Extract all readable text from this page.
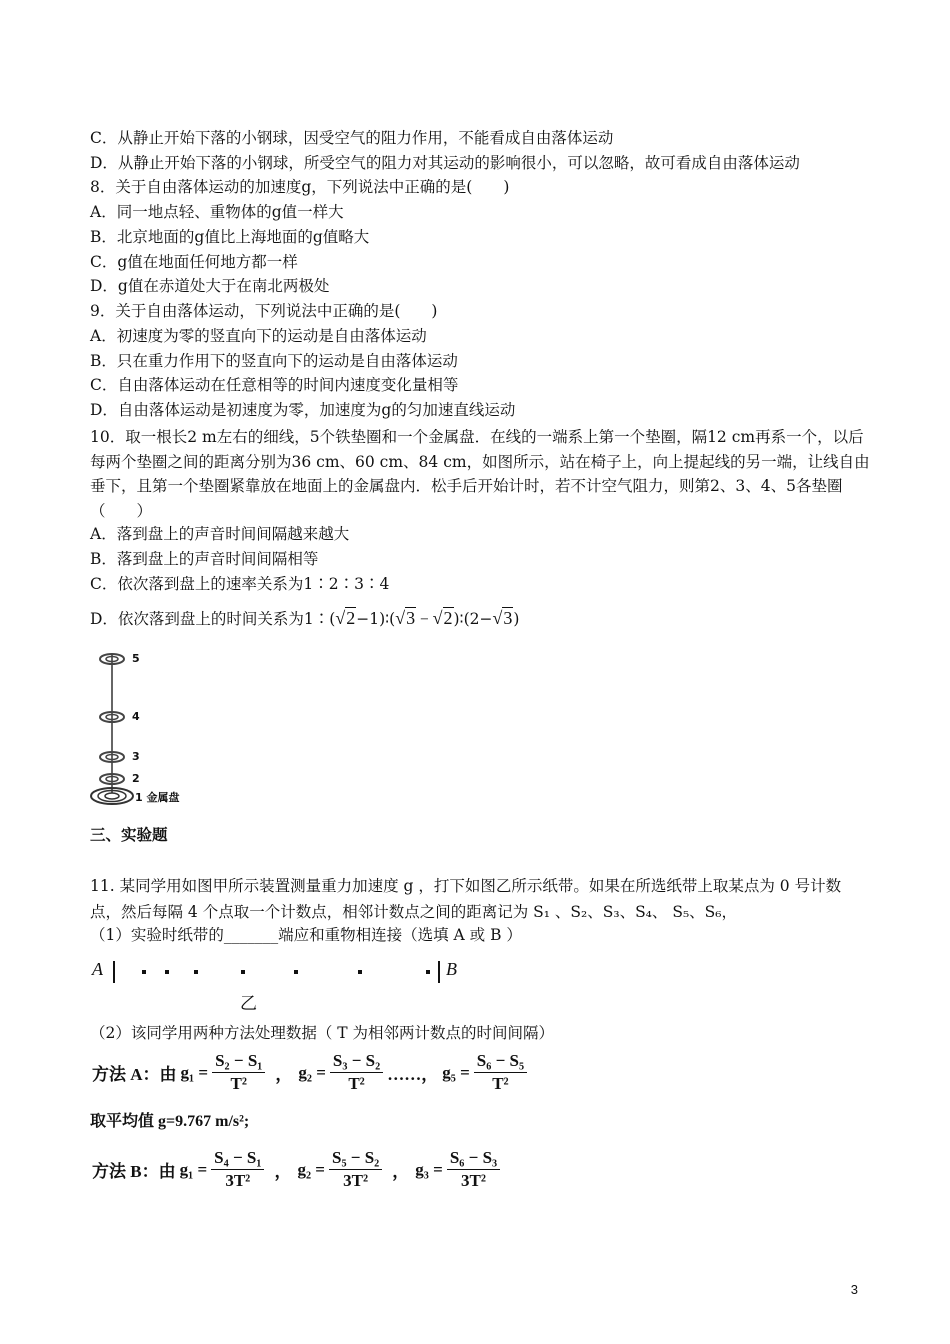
C．从静止开始下落的小钢球，因受空气的阻力作用，不能看成自由落体运动
D．从静止开始下落的小钢球，所受空气的阻力对其运动的影响很小，可以忽略，故可看成自由落体运动
8．关于自由落体运动的加速度g，下列说法中正确的是(　　)
A．同一地点轻、重物体的g值一样大
B．北京地面的g值比上海地面的g值略大
C．g值在地面任何地方都一样
D．g值在赤道处大于在南北两极处
9．关于自由落体运动，下列说法中正确的是(　　)
A．初速度为零的竖直向下的运动是自由落体运动
B．只在重力作用下的竖直向下的运动是自由落体运动
C．自由落体运动在任意相等的时间内速度变化量相等
D．自由落体运动是初速度为零，加速度为g的匀加速直线运动
10．取一根长2 m左右的细线，5个铁垫圈和一个金属盘．在线的一端系上第一个垫圈，隔12 cm再系一个，以后每两个垫圈之间的距离分别为36 cm、60 cm、84 cm，如图所示，站在椅子上，向上提起线的另一端，让线自由垂下，且第一个垫圈紧靠放在地面上的金属盘内．松手后开始计时，若不计空气阻力，则第2、3、4、5各垫圈（　　）
A．落到盘上的声音时间间隔越来越大
B．落到盘上的声音时间间隔相等
C．依次落到盘上的速率关系为1∶2∶3∶4
D．依次落到盘上的时间关系为1∶(√2−1)∶(√3 − √2)∶(2−√3)
5
4
3
2
1 金属盘
三、实验题
11. 某同学用如图甲所示装置测量重力加速度 g ，打下如图乙所示纸带。如果在所选纸带上取某点为 0 号计数点，然后每隔 4 个点取一个计数点，相邻计数点之间的距离记为 S₁ 、S₂、S₃、S₄、 S₅、S₆，
（1）实验时纸带的_______端应和重物相连接（选填 A 或 B ）
A	B
乙
（2）该同学用两种方法处理数据（ T 为相邻两计数点的时间间隔）
方法 A：由 $g_1 = \frac{\text{S₂ − S₁}}{\text{T²}}$ ， $g_2 = \frac{\text{S₃ − S₂}}{\text{T²}}$ ……， $g_5 = \frac{\text{S₆ − S₅}}{\text{T²}}$
取平均值 g=9.767 m/s²;
方法 B：由 $g_1 = \frac{\text{S₄ − S₁}}{\text{3T²}}$ ， $g_2 = \frac{\text{S₅ − S₂}}{\text{3T²}}$ ， $g_3 = \frac{\text{S₆ − S₃}}{\text{3T²}}$
3
